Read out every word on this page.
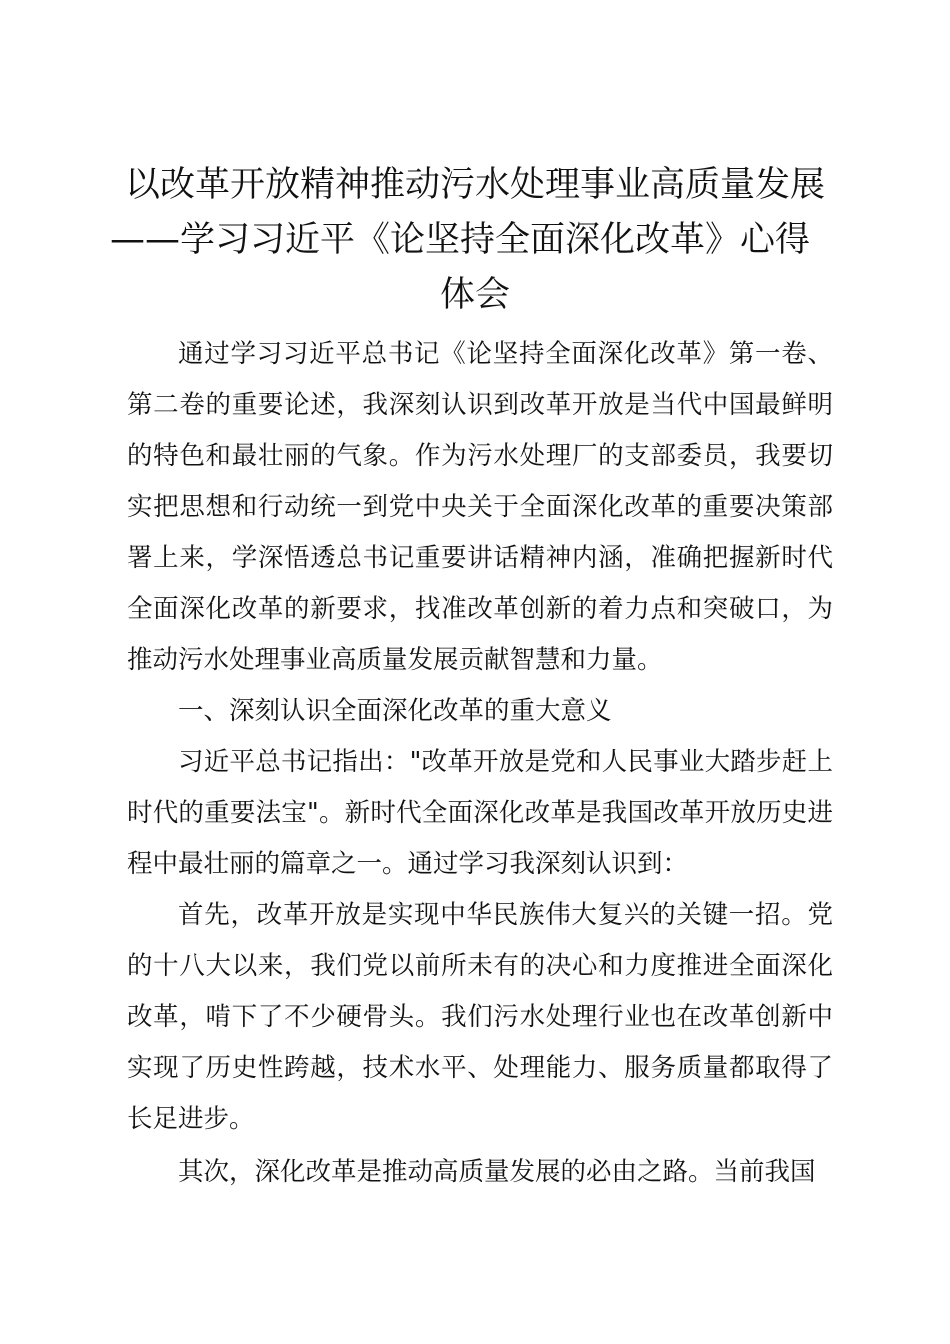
以改革开放精神推动污水处理事业高质量发展
——学习习近平《论坚持全面深化改革》心得
体会

通过学习习近平总书记《论坚持全面深化改革》第一卷、第二卷的重要论述，我深刻认识到改革开放是当代中国最鲜明的特色和最壮丽的气象。作为污水处理厂的支部委员，我要切实把思想和行动统一到党中央关于全面深化改革的重要决策部署上来，学深悟透总书记重要讲话精神内涵，准确把握新时代全面深化改革的新要求，找准改革创新的着力点和突破口，为推动污水处理事业高质量发展贡献智慧和力量。

一、深刻认识全面深化改革的重大意义

习近平总书记指出："改革开放是党和人民事业大踏步赶上时代的重要法宝"。新时代全面深化改革是我国改革开放历史进程中最壮丽的篇章之一。通过学习我深刻认识到：

首先，改革开放是实现中华民族伟大复兴的关键一招。党的十八大以来，我们党以前所未有的决心和力度推进全面深化改革，啃下了不少硬骨头。我们污水处理行业也在改革创新中实现了历史性跨越，技术水平、处理能力、服务质量都取得了长足进步。

其次，深化改革是推动高质量发展的必由之路。当前我国
